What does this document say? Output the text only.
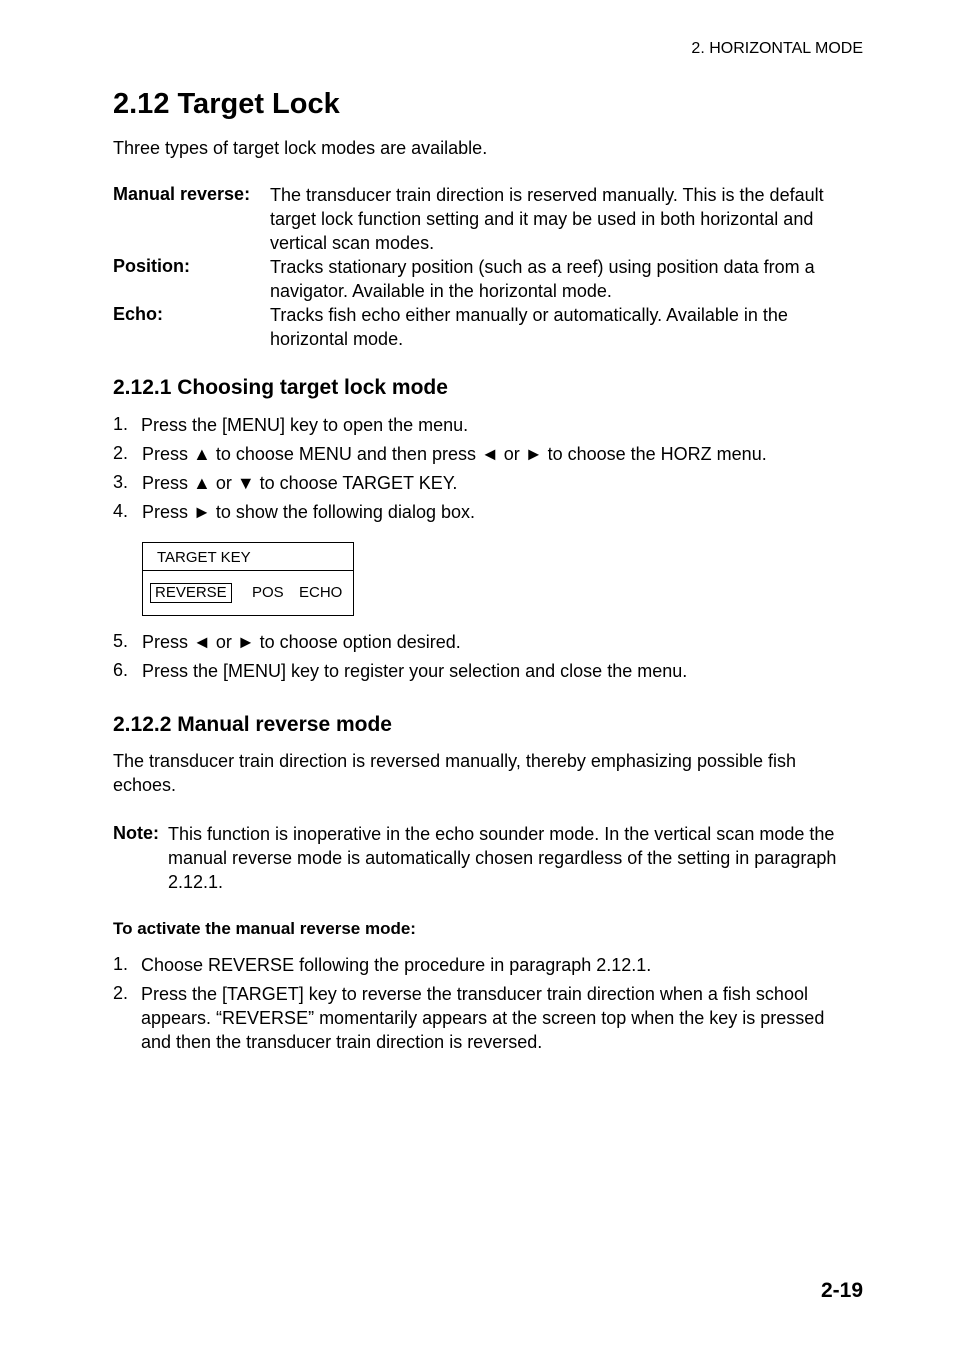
2. HORIZONTAL MODE
2.12 Target Lock
Three types of target lock modes are available.
Manual reverse: The transducer train direction is reserved manually. This is the default target lock function setting and it may be used in both horizontal and vertical scan modes.
Position:	Tracks stationary position (such as a reef) using position data from a navigator. Available in the horizontal mode.
Echo:	Tracks fish echo either manually or automatically. Available in the horizontal mode.
2.12.1 Choosing target lock mode
1. Press the [MENU] key to open the menu.
2. Press ▲ to choose MENU and then press ◄ or ► to choose the HORZ menu.
3. Press ▲ or ▼ to choose TARGET KEY.
4. Press ► to show the following dialog box.
TARGET KEY
REVERSE	POS ECHO
5. Press ◄ or ► to choose option desired.
6. Press the [MENU] key to register your selection and close the menu.
2.12.2 Manual reverse mode
The transducer train direction is reversed manually, thereby emphasizing possible fish echoes.
Note: This function is inoperative in the echo sounder mode. In the vertical scan mode the manual reverse mode is automatically chosen regardless of the setting in paragraph 2.12.1.
To activate the manual reverse mode:
1. Choose REVERSE following the procedure in paragraph 2.12.1.
2. Press the [TARGET] key to reverse the transducer train direction when a fish school appears. “REVERSE” momentarily appears at the screen top when the key is pressed and then the transducer train direction is reversed.
2-19
